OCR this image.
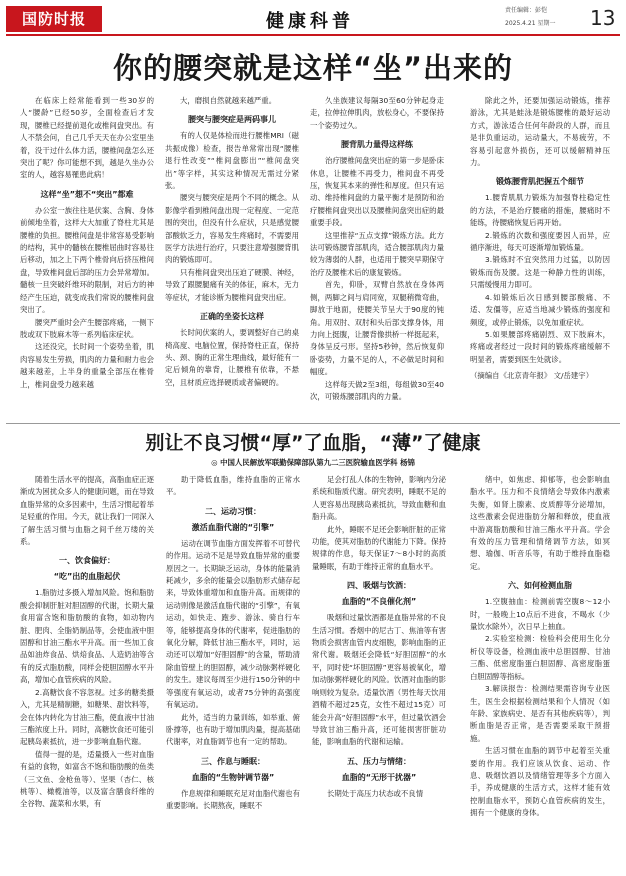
国防时报	健康科普
责任编辑：彭恺
2025.4.21 星期一 13
你的腰突就是这样“坐”出来的

在临床上经常能看到一些30岁的人“腰龄”已经50岁，全面检查后才发现，腰椎已经提前退化或椎间盘突出。有人不禁会问，自己几乎天天在办公室里坐着，没干过什么体力活，腰椎间盘怎么还突出了呢？你可能想不到，越是久坐办公室的人，越容易罹患此病！

这样“坐”想不“突出”都难

办公室一族往往是伏案、含胸、身体前倾地坐着，这样大大加重了脊柱尤其是腰椎的负担。腰椎间盘是非常容易受影响的结构，其中的髓核在腰椎屈曲时容易往后移动，加之上下两个椎骨向后挤压椎间盘，导致椎间盘后部的压力会异常增加。髓核一旦突破纤维环的限制，对后方的神经产生压迫，就变成我们常说的腰椎间盘突出了。

腰突严重时会产生腰部疼痛，一侧下肢或双下肢麻木等一系列临床症状。

这还没完，长时间一个姿势坐着，肌肉容易发生劳损，肌肉的力量和耐力也会越来越差，上半身的重量全部压在椎骨上，椎间盘受力越来越

大，磨损自然就越来越严重。

腰突与腰突症是两码事儿

有的人仅是体检而进行腰椎MRI（磁共振成像）检查，报告单常常出现“腰椎退行性改变”“椎间盘膨出”“椎间盘突出”等字样，其实这种情况无需过分紧张。

腰突与腰突症是两个不同的概念。从影像学看到椎间盘出现一定程度、一定范围的突出，但没有什么症状，只是感觉腰部酸软乏力，容易发生疼痛时，不需要用医学方法进行治疗，只要注意增强腰背肌肉的锻炼即可。

只有椎间盘突出压迫了硬膜、神经，导致了跟腰腿痛有关的体征，麻木，无力等症状，才能诊断为腰椎间盘突出症。

正确的坐姿长这样

长时间伏案的人，要调整好自己的桌椅高度、电脑位置，保持脊柱正直，保持头、颈、胸的正常生理曲线，最好能有一定后倾角的靠背，让腰椎有依靠，不悬空，且材质应选择硬质或者偏硬的。

久坐族建议每隔30至60分钟起身走走，拉伸拉伸肌肉，放松身心，不要保持一个姿势过久。

腰背肌力量得这样练

治疗腰椎间盘突出症的第一步是卧床休息，让腰椎不再受力，椎间盘不再受压，恢复其本来的弹性和厚度。但只有运动、维持椎间盘的力量平衡才是预防和治疗腰椎间盘突出以及腰椎间盘突出症的最重要手段。

这里推荐“五点支撑”锻炼方法。此方法可锻炼腰背部肌肉，适合腰部肌肉力量较为薄弱的人群，也适用于腰突早期保守治疗及腰椎术后的康复锻炼。

首先，仰卧，双臂自然放在身体两侧，两脚之间与肩同宽，双腿稍微弯曲，脚放于地面，使腰关节呈大于90度的钝角。用双肘、双肘和头后部支撑身体，用力向上挺腹，让腰背像拱桥一样挺起来，身体呈反弓形。坚持5秒钟，然后恢复仰卧姿势，力量不足的人，不必做足时间和幅度。

这样每天做2至3组，每组做30至40次，可锻炼腰部肌肉的力量。

除此之外，还要加强运动锻炼，推荐游泳，尤其是蛙泳是锻炼腰椎的最好运动方式，游泳适合任何年龄段的人群，而且是非负重运动，运动量大，不易疲劳，不容易引起意外损伤，还可以缓解精神压力。

锻炼腰背肌把握五个细节

1.腰背肌肌力锻炼为加强脊柱稳定性的方法，不是治疗腰痛的措施，腰痛时不能练，待腰痛恢复后再开始。

2.锻炼的次数和强度要因人而异，应循序渐进，每天可逐渐增加锻炼量。

3.锻炼时不宜突然用力过猛，以防因锻炼而伤及腰。这是一种静力性的训练，只需缓慢用力即可。

4.如锻炼后次日感到腰部酸痛、不适、发僵等，应适当地减少锻炼的强度和频度，或停止锻炼，以免加重症状。

5.如果腰部疼痛剧烈、双下肢麻木，疼痛或者经过一段时间的锻炼疼痛缓解不明显者，需要到医生处就诊。

（摘编自《北京青年报》 文/岳建宇）
别让不良习惯“厚”了血脂，“薄”了健康
◎ 中国人民解放军联勤保障部队第九二三医院输血医学科 杨锦

随着生活水平的提高，高脂血症正逐渐成为困扰众多人的健康问题，而在导致血脂异常的众多因素中，生活习惯起着举足轻重的作用。今天，就让我们一同深入了解生活习惯与血脂之间千丝万缕的关系。

一、饮食偏好：
“吃”出的血脂起伏

1.脂肪过多摄入增加风险。饱和脂肪酸会抑制肝脏对胆固醇的代谢，长期大量食用富含饱和脂肪酸的食物，如动物内脏、肥肉、全脂奶制品等，会使血液中胆固醇和甘油三酯水平升高。而一些加工食品如油炸食品、烘焙食品、人造奶油等含有的反式脂肪酸，同样会使胆固醇水平升高，增加心血管疾病的风险。

2.高糖饮食不容忽视。过多的糖类摄入，尤其是精制糖，如糖果、甜饮料等，会在体内转化为甘油三酯，使血液中甘油三酯浓度上升。同时，高糖饮食还可能引起胰岛素抵抗，进一步影响血脂代谢。

值得一提的是，适量摄入一些对血脂有益的食物，如富含不饱和脂肪酸的鱼类（三文鱼、金枪鱼等）、坚果（杏仁、核桃等）、橄榄油等，以及富含膳食纤维的全谷物、蔬菜和水果，有

助于降低血脂，维持血脂的正常水平。

二、运动习惯：
激活血脂代谢的“引擎”

运动在调节血脂方面发挥着不可替代的作用。运动不足是导致血脂异常的重要原因之一。长期缺乏运动，身体的能量消耗减少，多余的能量会以脂肪形式储存起来，导致体重增加和血脂升高。而规律的运动则像是激活血脂代谢的“引擎”，有氧运动，如快走、跑步、游泳、骑自行车等，能够提高身体的代谢率，促进脂肪的氧化分解，降低甘油三酯水平，同时，运动还可以增加“好胆固醇”的含量，帮助清除血管壁上的胆固醇，减少动脉粥样硬化的发生。建议每周至少进行150分钟的中等强度有氧运动，或者75分钟的高强度有氧运动。

此外，适当的力量训练，如举重、俯卧撑等，也有助于增加肌肉量，提高基础代谢率，对血脂调节也有一定的帮助。

三、作息与睡眠：
血脂的“生物钟调节器”

作息规律和睡眠充足对血脂代谢也有重要影响。长期熬夜，睡眠不

足会打乱人体的生物钟，影响内分泌系统和脂质代谢。研究表明，睡眠不足的人更容易出现胰岛素抵抗，导致血糖和血脂升高。

此外，睡眠不足还会影响肝脏的正常功能，使其对脂肪的代谢能力下降。保持规律的作息，每天保证7～8小时的高质量睡眠，有助于维持正常的血脂水平。

四、吸烟与饮酒：
血脂的“不良催化剂”

吸烟和过量饮酒都是血脂异常的不良生活习惯。香烟中的尼古丁、焦油等有害物质会损害血管内皮细胞，影响血脂的正常代谢。吸烟还会降低“好胆固醇”的水平，同时使“坏胆固醇”更容易被氧化，增加动脉粥样硬化的风险。饮酒对血脂的影响则较为复杂。适量饮酒（男性每天饮用酒精不超过25克，女性不超过15克）可能会升高“好胆固醇”水平，但过量饮酒会导致甘油三酯升高，还可能损害肝脏功能，影响血脂的代谢和运输。

五、压力与情绪：
血脂的“无形干扰器”

长期处于高压力状态或不良情

绪中，如焦虑、抑郁等，也会影响血脂水平。压力和不良情绪会导致体内激素失衡，如肾上腺素、皮质醇等分泌增加，这些激素会促进脂肪分解和释放，使血液中游离脂肪酸和甘油三酯水平升高。学会有效的压力管理和情绪调节方法，如冥想、瑜伽、听音乐等，有助于维持血脂稳定。

六、如何检测血脂

1.空腹抽血：检测前需空腹8～12小时，一般晚上10点后不进食，不喝水（少量饮水除外），次日早上抽血。

2.实验室检测：检验科会使用生化分析仪等设备，检测血液中总胆固醇、甘油三酯、低密度脂蛋白胆固醇、高密度脂蛋白胆固醇等指标。

3.解读报告：检测结果需咨询专业医生，医生会根据检测结果和个人情况（如年龄、家族病史、是否有其他疾病等），判断血脂是否正常，是否需要采取干预措施。

生活习惯在血脂的调节中起着至关重要的作用。我们应该从饮食、运动、作息、吸烟饮酒以及情绪管理等多个方面入手，养成健康的生活方式，这样才能有效控制血脂水平，预防心血管疾病的发生，拥有一个健康的身体。
